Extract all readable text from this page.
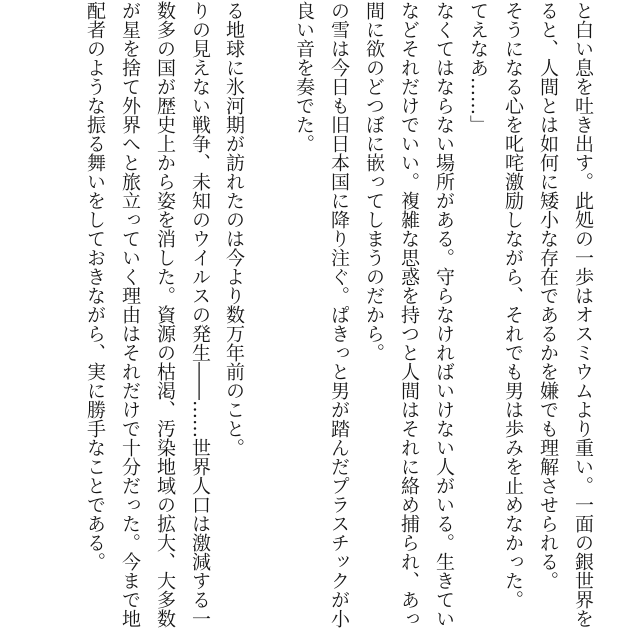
と白い息を吐き出す。此処の一歩はオスミウムより重い。一面の銀世界を
ると、人間とは如何に矮小な存在であるかを嫌でも理解させられる。
そうになる心を叱咤激励しながら、それでも男は歩みを止めなかった。
てえなあ……」
なくてはならない場所がある。守らなければいけない人がいる。生きてい
などそれだけでいい。複雑な思惑を持つと人間はそれに絡め捕られ、あっ
間に欲のどつぼに嵌ってしまうのだから。
の雪は今日も旧日本国に降り注ぐ。ぱきっと男が踏んだプラスチックが小
良い音を奏でた。
る地球に氷河期が訪れたのは今より数万年前のこと。
りの見えない戦争、未知のウイルスの発生――……世界人口は激減する一
数多の国が歴史上から姿を消した。資源の枯渇、汚染地域の拡大、大多数
が星を捨て外界へと旅立っていく理由はそれだけで十分だった。今まで地
配者のような振る舞いをしておきながら、実に勝手なことである。
